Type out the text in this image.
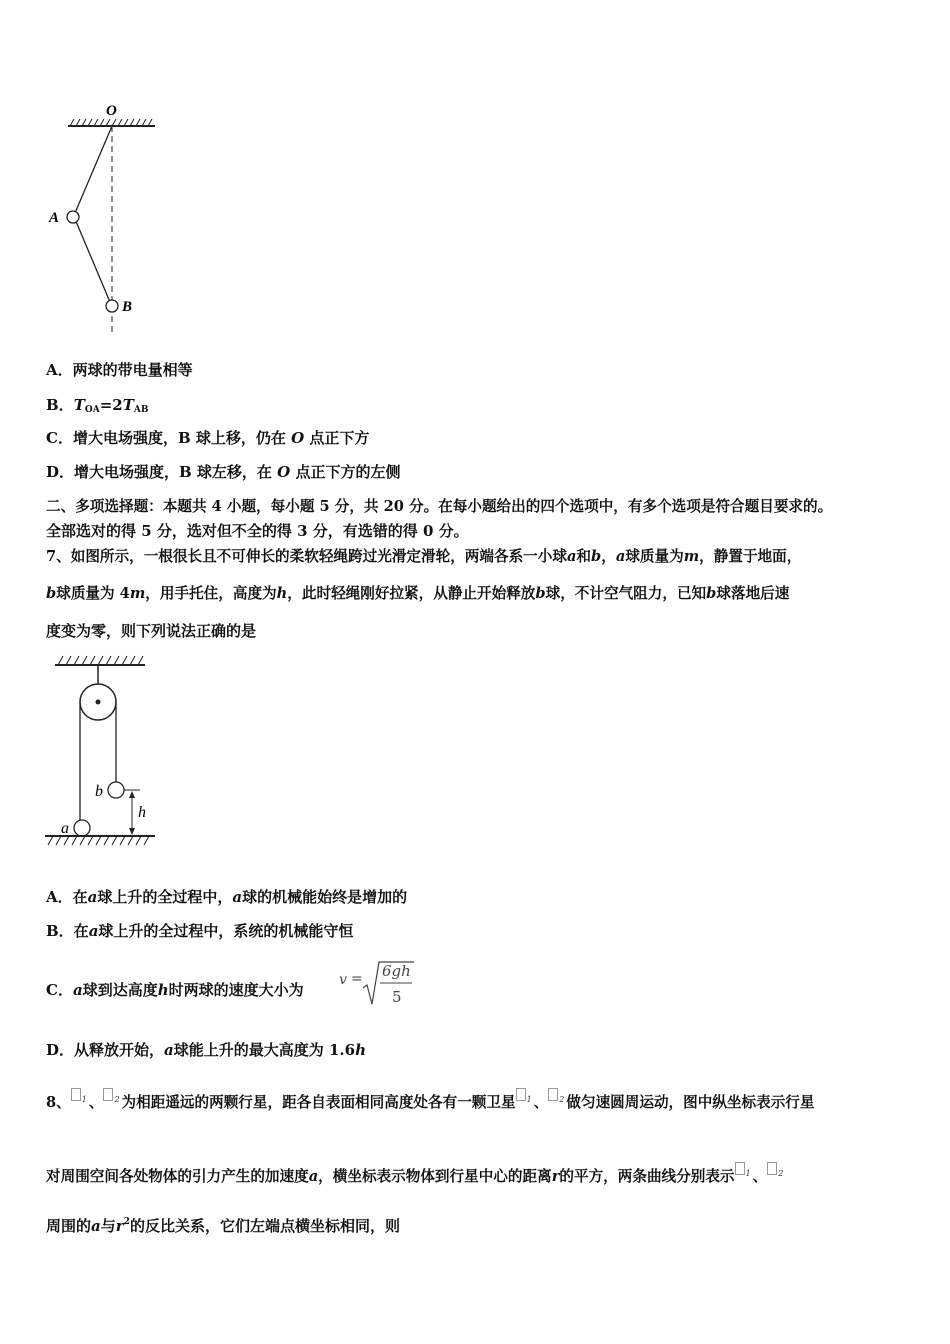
O
A
B
A．两球的带电量相等
B．$T_{OA}=2T_{AB}$
C．增大电场强度，B 球上移，仍在 O 点正下方
D．增大电场强度，B 球左移，在 O 点正下方的左侧
二、多项选择题：本题共 4 小题，每小题 5 分，共 20 分。在每小题给出的四个选项中，有多个选项是符合题目要求的。
全部选对的得 5 分，选对但不全的得 3 分，有选错的得 0 分。
7、如图所示，一根很长且不可伸长的柔软轻绳跨过光滑定滑轮，两端各系一小球a和b，a球质量为m，静置于地面，
b球质量为 4m，用手托住，高度为h，此时轻绳刚好拉紧，从静止开始释放b球，不计空气阻力，已知b球落地后速
度变为零，则下列说法正确的是
b
a
h
A．在a球上升的全过程中，a球的机械能始终是增加的
B．在a球上升的全过程中，系统的机械能守恒
C．a球到达高度h时两球的速度大小为
v = 6gh
5
D．从释放开始，a球能上升的最大高度为 1.6h
8、 $^1$ 、 $^2$ 为相距遥远的两颗行星，距各自表面相同高度处各有一颗卫星 $^1$ 、 $^2$ 做匀速圆周运动，图中纵坐标表示行星
对周围空间各处物体的引力产生的加速度a，横坐标表示物体到行星中心的距离r的平方，两条曲线分别表示 $^1$ 、 $^2$
周围的a与$r^2$的反比关系，它们左端点横坐标相同，则
